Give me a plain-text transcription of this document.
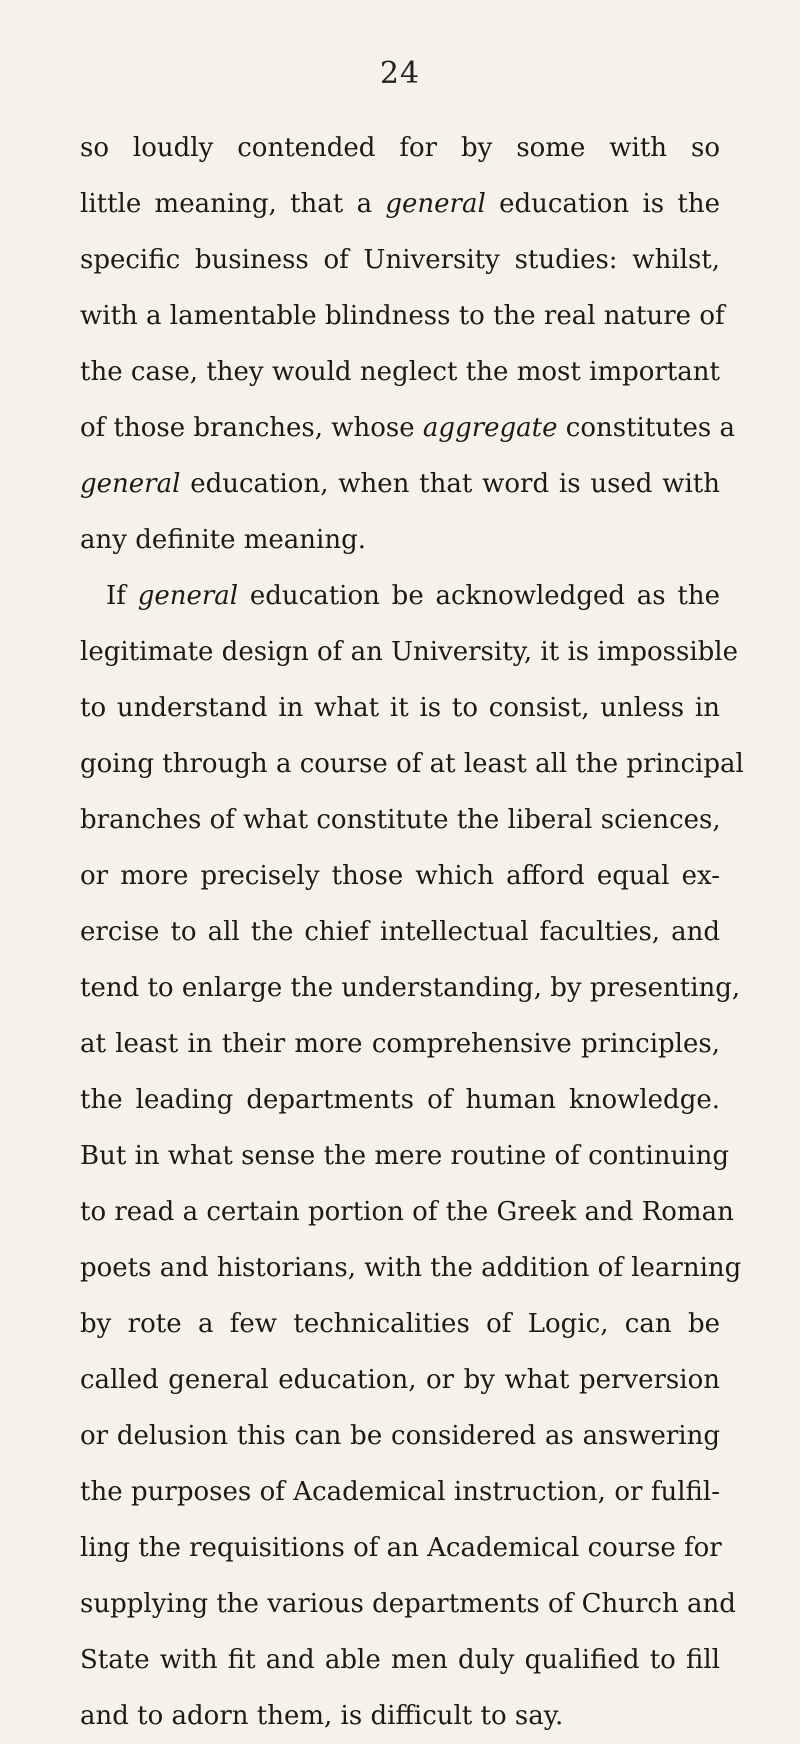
24
so loudly contended for by some with so
little meaning, that a general education is the
specific business of University studies: whilst,
with a lamentable blindness to the real nature of
the case, they would neglect the most important
of those branches, whose aggregate constitutes a
general education, when that word is used with
any definite meaning.
If general education be acknowledged as the
legitimate design of an University, it is impossible
to understand in what it is to consist, unless in
going through a course of at least all the principal
branches of what constitute the liberal sciences,
or more precisely those which afford equal ex-
ercise to all the chief intellectual faculties, and
tend to enlarge the understanding, by presenting,
at least in their more comprehensive principles,
the leading departments of human knowledge.
But in what sense the mere routine of continuing
to read a certain portion of the Greek and Roman
poets and historians, with the addition of learning
by rote a few technicalities of Logic, can be
called general education, or by what perversion
or delusion this can be considered as answering
the purposes of Academical instruction, or fulfil-
ling the requisitions of an Academical course for
supplying the various departments of Church and
State with fit and able men duly qualified to fill
and to adorn them, is difficult to say.
